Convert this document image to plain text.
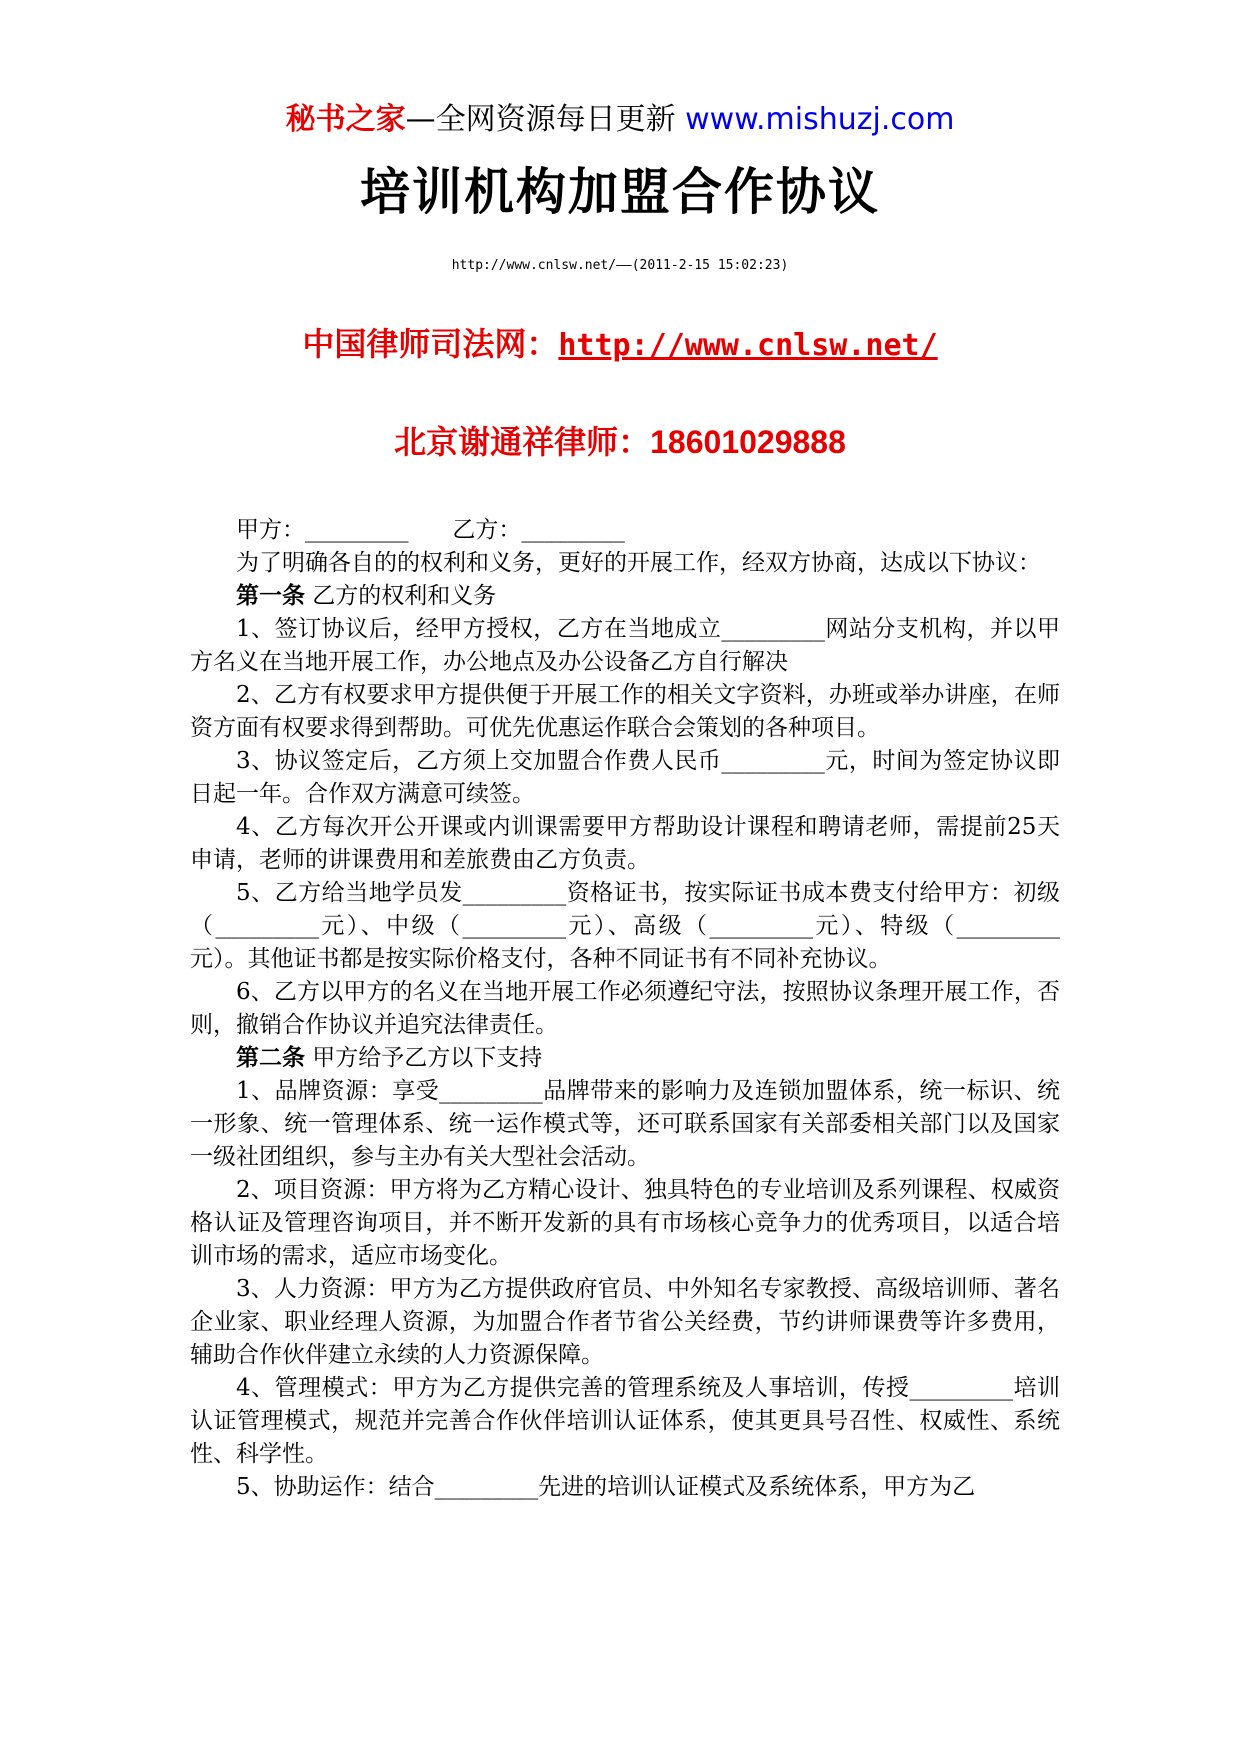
秘书之家—全网资源每日更新 www.mishuzj.com
培训机构加盟合作协议
http://www.cnlsw.net/——(2011-2-15 15:02:23)
中国律师司法网：http://www.cnlsw.net/
北京谢通祥律师：18601029888

甲方：_________      乙方：_________

为了明确各自的的权利和义务，更好的开展工作，经双方协商，达成以下协议：

第一条 乙方的权利和义务

1、签订协议后，经甲方授权，乙方在当地成立_________网站分支机构，并以甲方名义在当地开展工作，办公地点及办公设备乙方自行解决

2、乙方有权要求甲方提供便于开展工作的相关文字资料，办班或举办讲座，在师资方面有权要求得到帮助。可优先优惠运作联合会策划的各种项目。

3、协议签定后，乙方须上交加盟合作费人民币_________元，时间为签定协议即日起一年。合作双方满意可续签。

4、乙方每次开公开课或内训课需要甲方帮助设计课程和聘请老师，需提前25天申请，老师的讲课费用和差旅费由乙方负责。

5、乙方给当地学员发_________资格证书，按实际证书成本费支付给甲方：初级（_________元）、中级（_________元）、高级（_________元）、特级（_________元）。其他证书都是按实际价格支付，各种不同证书有不同补充协议。

6、乙方以甲方的名义在当地开展工作必须遵纪守法，按照协议条理开展工作，否则，撤销合作协议并追究法律责任。

第二条 甲方给予乙方以下支持

1、品牌资源：享受_________品牌带来的影响力及连锁加盟体系，统一标识、统一形象、统一管理体系、统一运作模式等，还可联系国家有关部委相关部门以及国家一级社团组织，参与主办有关大型社会活动。

2、项目资源：甲方将为乙方精心设计、独具特色的专业培训及系列课程、权威资格认证及管理咨询项目，并不断开发新的具有市场核心竞争力的优秀项目，以适合培训市场的需求，适应市场变化。

3、人力资源：甲方为乙方提供政府官员、中外知名专家教授、高级培训师、著名企业家、职业经理人资源，为加盟合作者节省公关经费，节约讲师课费等许多费用，辅助合作伙伴建立永续的人力资源保障。

4、管理模式：甲方为乙方提供完善的管理系统及人事培训，传授_________培训认证管理模式，规范并完善合作伙伴培训认证体系，使其更具号召性、权威性、系统性、科学性。

5、协助运作：结合_________先进的培训认证模式及系统体系，甲方为乙
